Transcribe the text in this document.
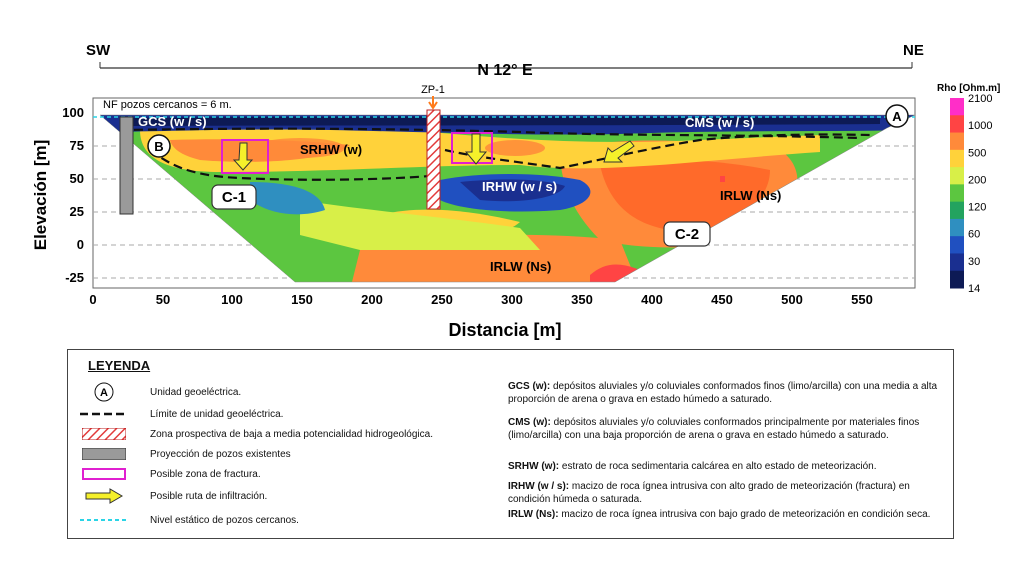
SW	NE
N 12° E
ZP-1
NF pozos cercanos = 6 m.
GCS (w / s)	CMS (w / s)
SRHW (w)
IRHW (w / s)
IRLW (Ns)
IRLW (Ns)
A
B
C-1
C-2
100
75
50
25
0
-25
Elevación [m]
0	50	100	150	200	250	300	350	400	450	500	550
Distancia [m]
Rho [Ohm.m]
2100
1000
500
200
120
60
30
14
LEYENDA
A	Unidad geoeléctrica.
Límite de unidad geoeléctrica.
Zona prospectiva de baja a media potencialidad hidrogeológica.
Proyección de pozos existentes
Posible zona de fractura.
Posible ruta de infiltración.
Nivel estático de pozos cercanos.
GCS (w): depósitos aluviales y/o coluviales conformados finos (limo/arcilla) con una media a alta proporción de arena o grava en estado húmedo a saturado.
CMS (w): depósitos aluviales y/o coluviales conformados principalmente por materiales finos (limo/arcilla) con una baja proporción de arena o grava en estado húmedo a saturado.
SRHW (w): estrato de roca sedimentaria calcárea en alto estado de meteorización.
IRHW (w / s): macizo de roca ígnea intrusiva con alto grado de meteorización (fractura) en condición húmeda o saturada.
IRLW (Ns): macizo de roca ígnea intrusiva con bajo grado de meteorización en condición seca.
